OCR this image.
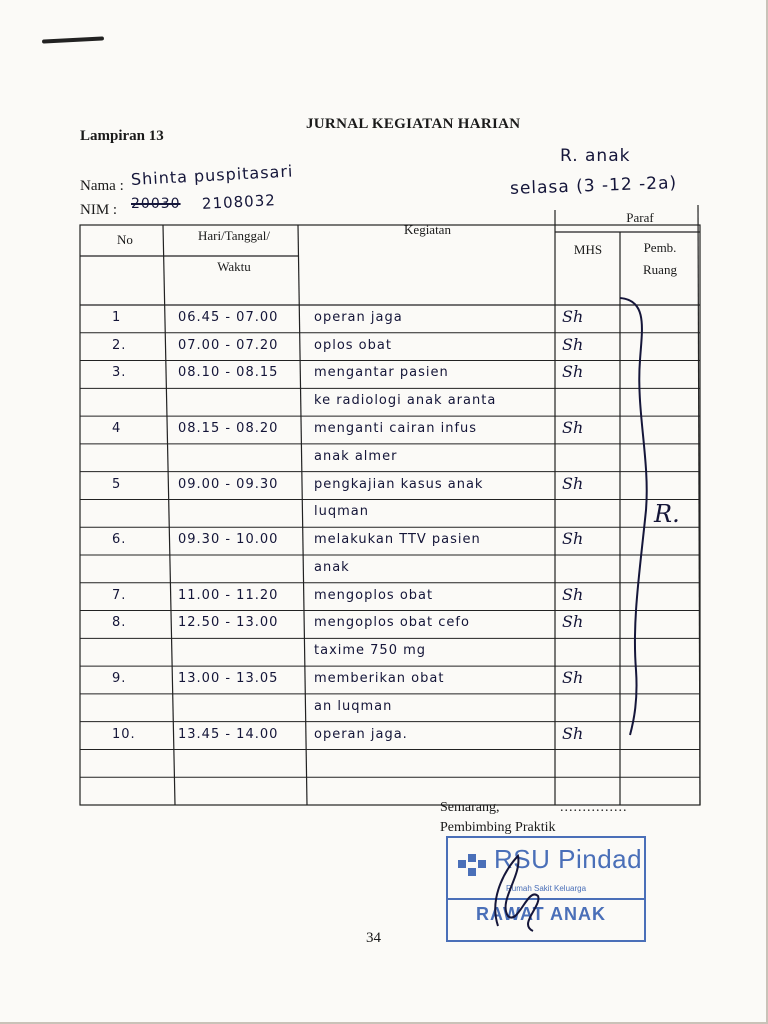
Lampiran 13
JURNAL KEGIATAN HARIAN
R. anak
selasa (3 -12 -2a)
Nama : Shinta puspitasari
NIM : 20030 2108032
No	Hari/Tanggal/
Waktu
Kegiatan
Paraf
MHS	Pemb.
Ruang
1	06.45 - 07.00	operan jaga	Sh
2.	07.00 - 07.20	oplos obat	Sh
3.	08.10 - 08.15	mengantar pasien	Sh
ke radiologi anak aranta
4	08.15 - 08.20	menganti cairan infus	Sh
anak almer
5	09.00 - 09.30	pengkajian kasus anak	Sh
luqman
6.	09.30 - 10.00	melakukan TTV pasien	Sh
anak
7.	11.00 - 11.20	mengoplos obat	Sh
8.	12.50 - 13.00	mengoplos obat cefo	Sh
taxime 750 mg
9.	13.00 - 13.05	memberikan obat	Sh
an luqman
10.	13.45 - 14.00	operan jaga.	Sh
R.
Semarang,	...............
Pembimbing Praktik
RSU Pindad
Rumah Sakit Keluarga
RAWAT ANAK
34
